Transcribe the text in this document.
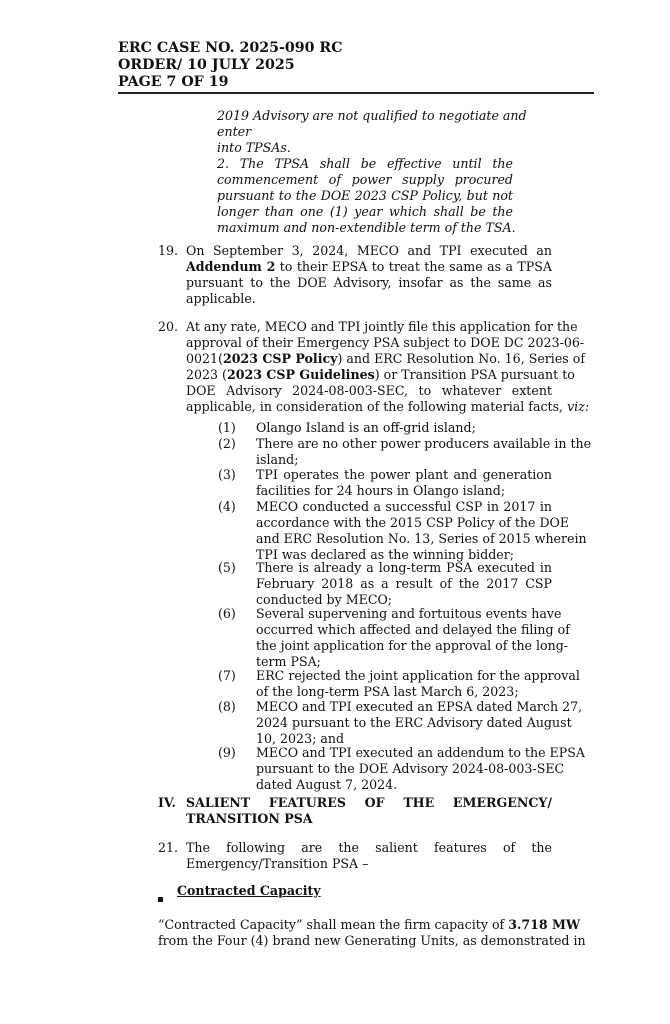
ERC CASE NO. 2025-090 RC
ORDER/ 10 JULY 2025
PAGE 7 OF 19
2019 Advisory are not qualified to negotiate and
enter
into TPSAs.
2. The TPSA shall be effective until the
commencement of power supply procured
pursuant to the DOE 2023 CSP Policy, but not
longer than one (1) year which shall be the
maximum and non-extendible term of the TSA.
19. On September 3, 2024, MECO and TPI executed an
Addendum 2 to their EPSA to treat the same as a TPSA
pursuant to the DOE Advisory, insofar as the same as
applicable.
20. At any rate, MECO and TPI jointly file this application for the
approval of their Emergency PSA subject to DOE DC 2023-06-
0021(2023 CSP Policy) and ERC Resolution No. 16, Series of
2023 (2023 CSP Guidelines) or Transition PSA pursuant to
DOE Advisory 2024-08-003-SEC, to whatever extent
applicable, in consideration of the following material facts, viz:
(1) Olango Island is an off-grid island;
(2) There are no other power producers available in the
island;
(3) TPI operates the power plant and generation
facilities for 24 hours in Olango island;
(4) MECO conducted a successful CSP in 2017 in
accordance with the 2015 CSP Policy of the DOE
and ERC Resolution No. 13, Series of 2015 wherein
TPI was declared as the winning bidder;
(5) There is already a long-term PSA executed in
February 2018 as a result of the 2017 CSP
conducted by MECO;
(6) Several supervening and fortuitous events have
occurred which affected and delayed the filing of
the joint application for the approval of the long-
term PSA;
(7) ERC rejected the joint application for the approval
of the long-term PSA last March 6, 2023;
(8) MECO and TPI executed an EPSA dated March 27,
2024 pursuant to the ERC Advisory dated August
10, 2023; and
(9) MECO and TPI executed an addendum to the EPSA
pursuant to the DOE Advisory 2024-08-003-SEC
dated August 7, 2024.
IV. SALIENT FEATURES OF THE EMERGENCY/
TRANSITION PSA
21. The following are the salient features of the
Emergency/Transition PSA –
Contracted Capacity
“Contracted Capacity” shall mean the firm capacity of 3.718 MW
from the Four (4) brand new Generating Units, as demonstrated in
